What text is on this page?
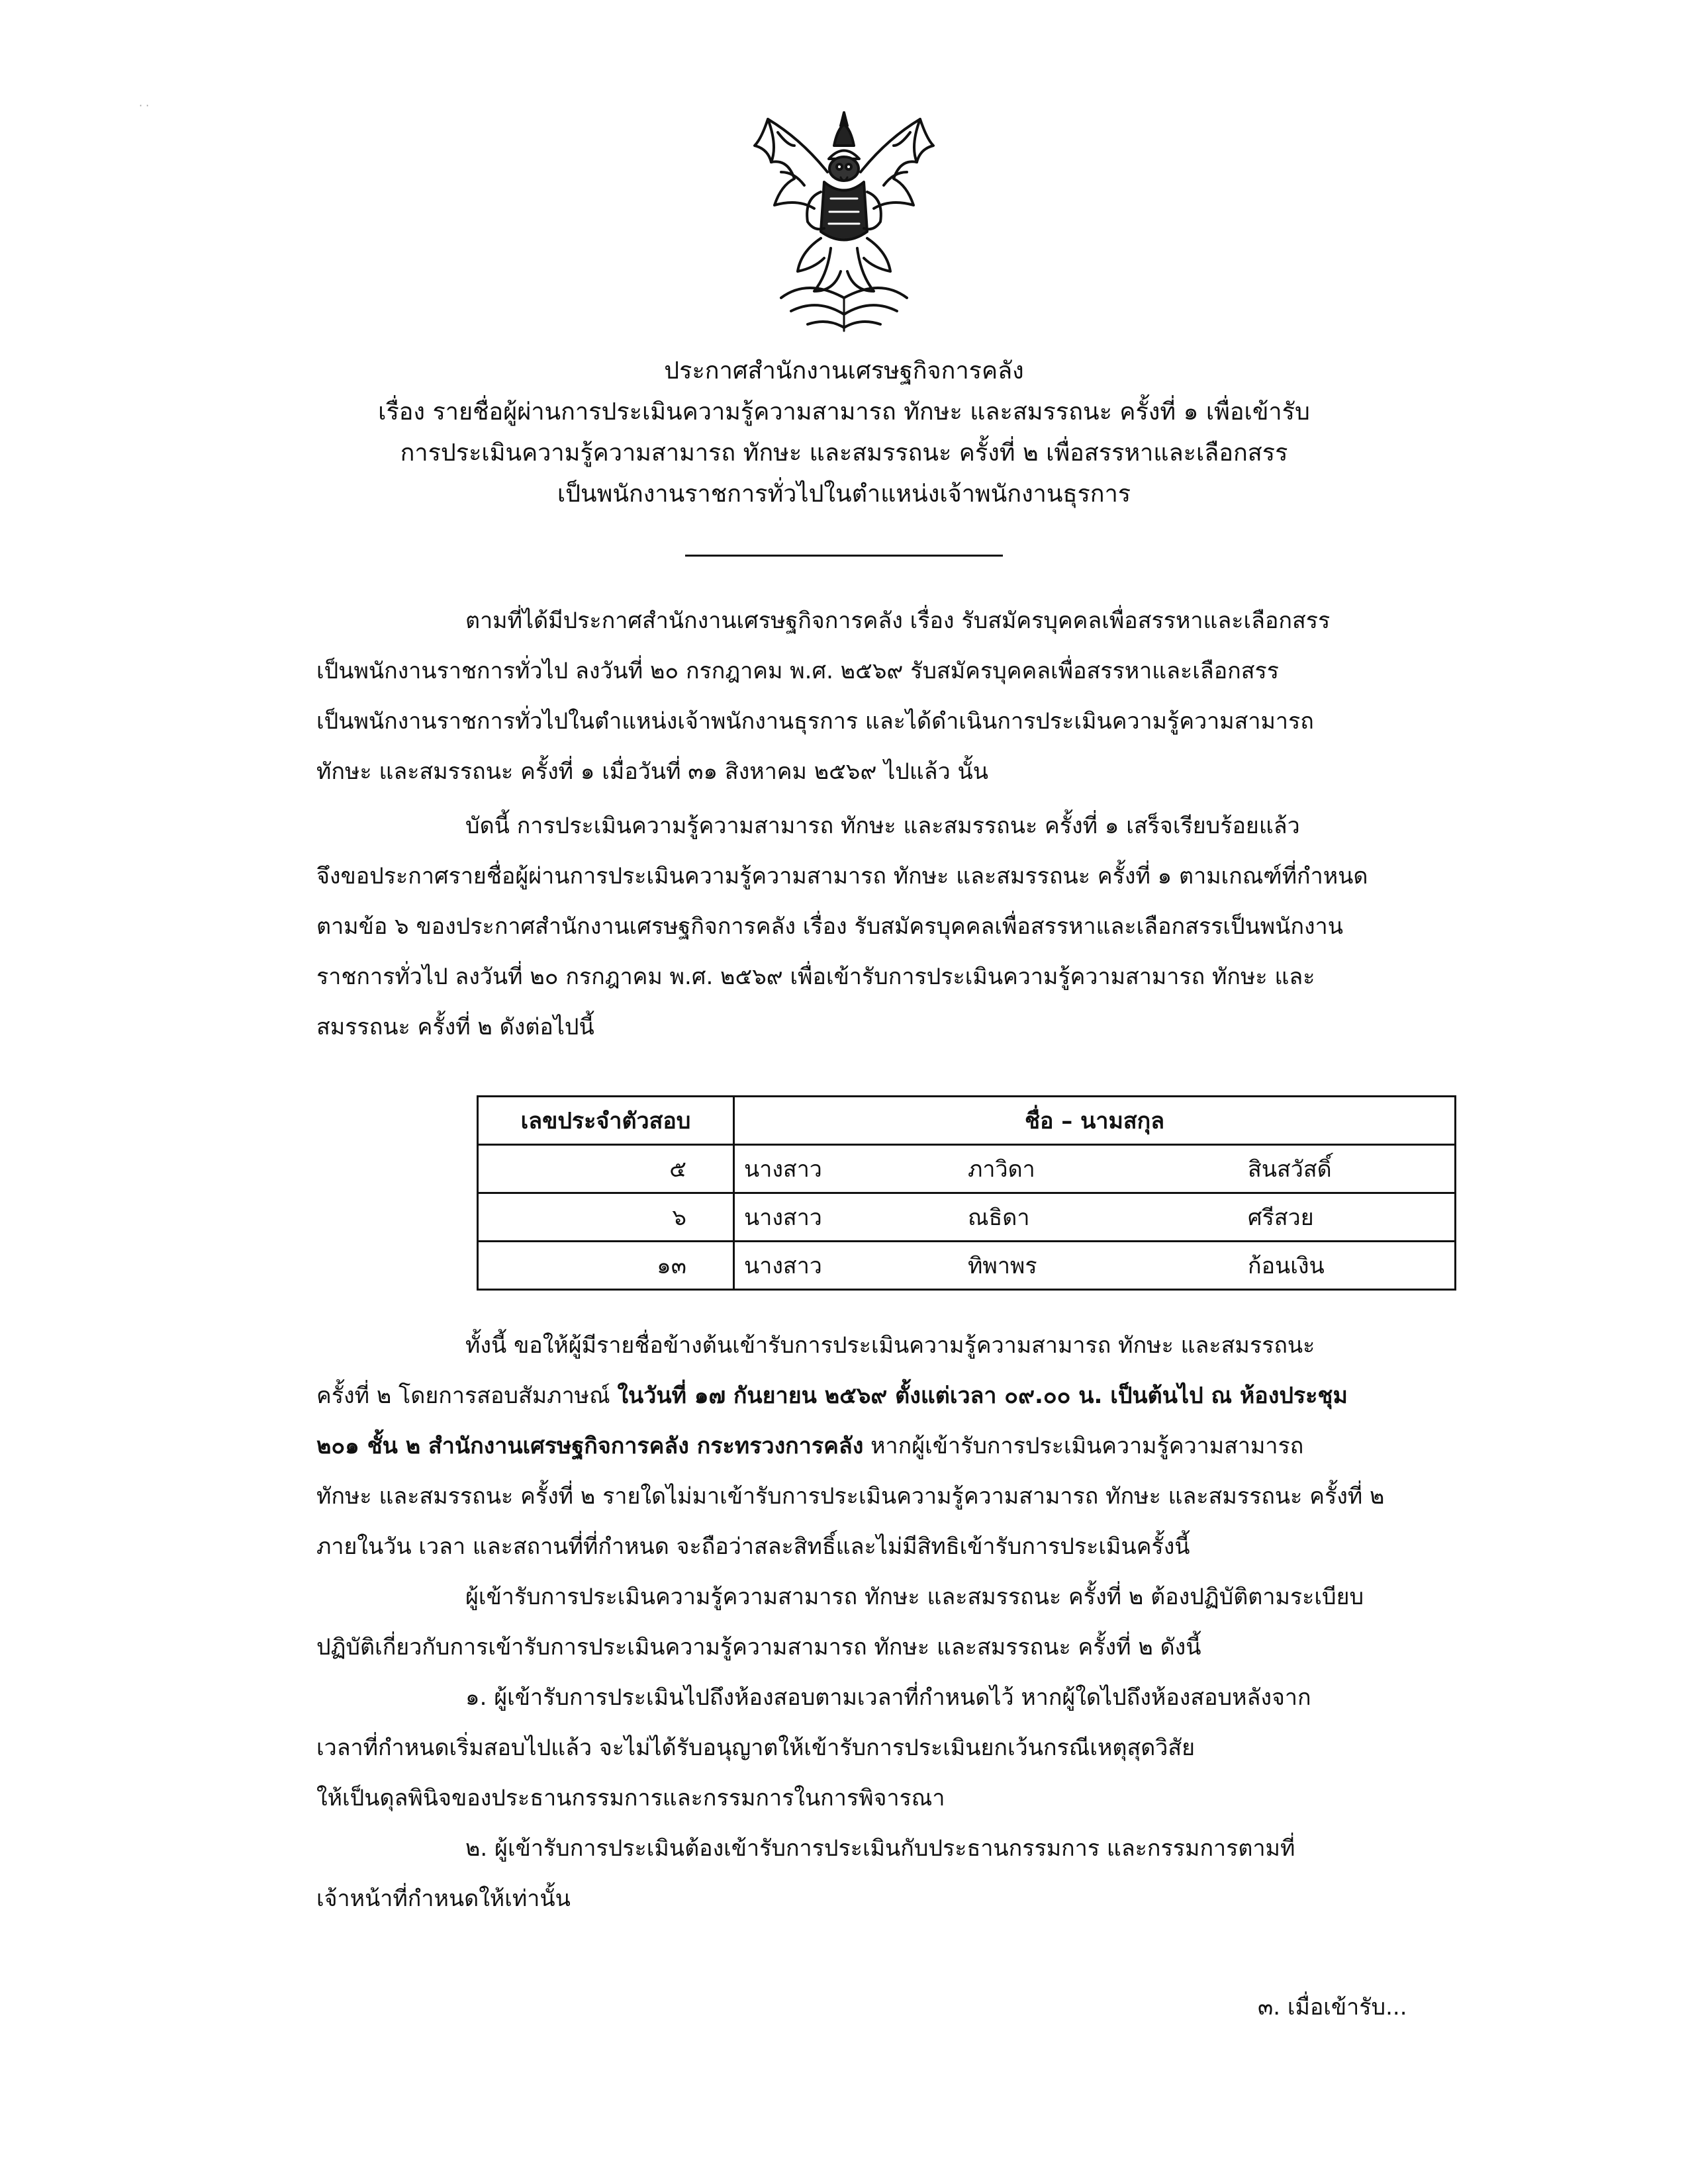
· ·
ประกาศสำนักงานเศรษฐกิจการคลัง
เรื่อง รายชื่อผู้ผ่านการประเมินความรู้ความสามารถ ทักษะ และสมรรถนะ ครั้งที่ ๑ เพื่อเข้ารับ
การประเมินความรู้ความสามารถ ทักษะ และสมรรถนะ ครั้งที่ ๒ เพื่อสรรหาและเลือกสรร
เป็นพนักงานราชการทั่วไปในตำแหน่งเจ้าพนักงานธุรการ
ตามที่ได้มีประกาศสำนักงานเศรษฐกิจการคลัง เรื่อง รับสมัครบุคคลเพื่อสรรหาและเลือกสรร
เป็นพนักงานราชการทั่วไป ลงวันที่ ๒๐ กรกฎาคม พ.ศ. ๒๕๖๙ รับสมัครบุคคลเพื่อสรรหาและเลือกสรร
เป็นพนักงานราชการทั่วไปในตำแหน่งเจ้าพนักงานธุรการ และได้ดำเนินการประเมินความรู้ความสามารถ
ทักษะ และสมรรถนะ ครั้งที่ ๑ เมื่อวันที่ ๓๑ สิงหาคม ๒๕๖๙ ไปแล้ว นั้น
บัดนี้ การประเมินความรู้ความสามารถ ทักษะ และสมรรถนะ ครั้งที่ ๑ เสร็จเรียบร้อยแล้ว
จึงขอประกาศรายชื่อผู้ผ่านการประเมินความรู้ความสามารถ ทักษะ และสมรรถนะ ครั้งที่ ๑ ตามเกณฑ์ที่กำหนด
ตามข้อ ๖ ของประกาศสำนักงานเศรษฐกิจการคลัง เรื่อง รับสมัครบุคคลเพื่อสรรหาและเลือกสรรเป็นพนักงาน
ราชการทั่วไป ลงวันที่ ๒๐ กรกฎาคม พ.ศ. ๒๕๖๙ เพื่อเข้ารับการประเมินความรู้ความสามารถ ทักษะ และ
สมรรถนะ ครั้งที่ ๒ ดังต่อไปนี้
เลขประจำตัวสอบ	ชื่อ – นามสกุล		
๕	นางสาว	ภาวิดา	สินสวัสดิ์
๖	นางสาว	ณธิดา	ศรีสวย
๑๓	นางสาว	ทิพาพร	ก้อนเงิน
ทั้งนี้ ขอให้ผู้มีรายชื่อข้างต้นเข้ารับการประเมินความรู้ความสามารถ ทักษะ และสมรรถนะ
ครั้งที่ ๒ โดยการสอบสัมภาษณ์ ในวันที่ ๑๗ กันยายน ๒๕๖๙ ตั้งแต่เวลา ๐๙.๐๐ น. เป็นต้นไป ณ ห้องประชุม
๒๐๑ ชั้น ๒ สำนักงานเศรษฐกิจการคลัง กระทรวงการคลัง หากผู้เข้ารับการประเมินความรู้ความสามารถ
ทักษะ และสมรรถนะ ครั้งที่ ๒ รายใดไม่มาเข้ารับการประเมินความรู้ความสามารถ ทักษะ และสมรรถนะ ครั้งที่ ๒
ภายในวัน เวลา และสถานที่ที่กำหนด จะถือว่าสละสิทธิ์และไม่มีสิทธิเข้ารับการประเมินครั้งนี้
ผู้เข้ารับการประเมินความรู้ความสามารถ ทักษะ และสมรรถนะ ครั้งที่ ๒ ต้องปฏิบัติตามระเบียบ
ปฏิบัติเกี่ยวกับการเข้ารับการประเมินความรู้ความสามารถ ทักษะ และสมรรถนะ ครั้งที่ ๒ ดังนี้
๑. ผู้เข้ารับการประเมินไปถึงห้องสอบตามเวลาที่กำหนดไว้ หากผู้ใดไปถึงห้องสอบหลังจาก
เวลาที่กำหนดเริ่มสอบไปแล้ว จะไม่ได้รับอนุญาตให้เข้ารับการประเมินยกเว้นกรณีเหตุสุดวิสัย
ให้เป็นดุลพินิจของประธานกรรมการและกรรมการในการพิจารณา
๒. ผู้เข้ารับการประเมินต้องเข้ารับการประเมินกับประธานกรรมการ และกรรมการตามที่
เจ้าหน้าที่กำหนดให้เท่านั้น
๓. เมื่อเข้ารับ...
